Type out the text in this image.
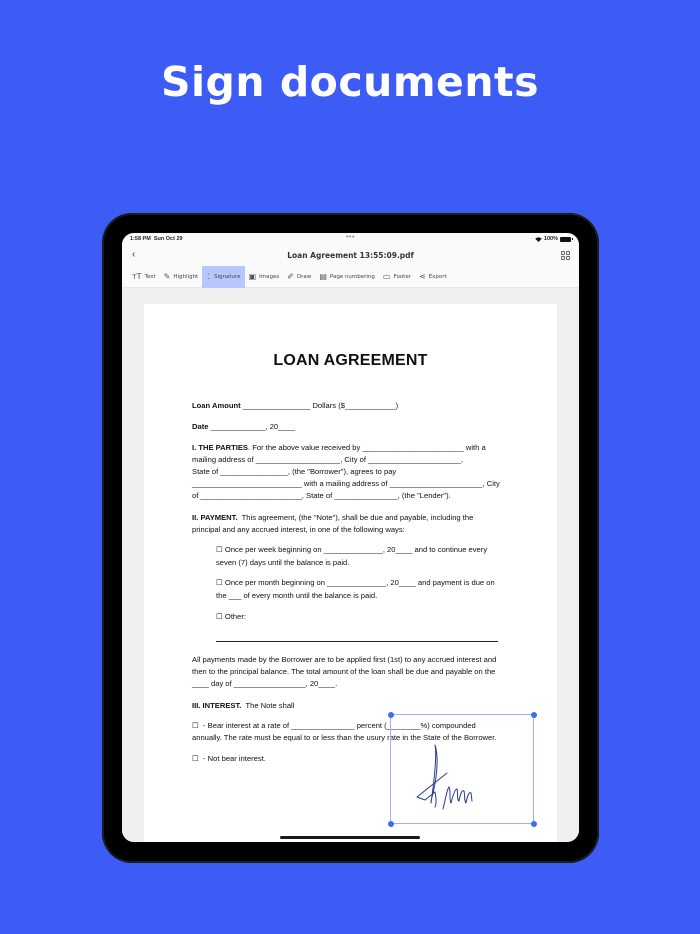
Sign documents
1:58 PM Sun Oct 29	•••	100%
‹	Loan Agreement 13:55:09.pdf
ᴛT Text ✎ Highlight ⍘ Signature ▣ Images ✐ Draw ▤ Page numbering ▭ Footer ⋖ Export
LOAN AGREEMENT
Loan Amount ________________ Dollars ($____________)
Date _____________, 20____
I. THE PARTIES. For the above value received by ________________________ with a
mailing address of ____________________, City of ______________________,
State of ________________, (the "Borrower"), agrees to pay
__________________________ with a mailing address of ______________________, City
of ________________________, State of _______________, (the "Lender").
II. PAYMENT.  This agreement, (the "Note"), shall be due and payable, including the
principal and any accrued interest, in one of the following ways:
☐ Once per week beginning on ______________, 20____ and to continue every
seven (7) days until the balance is paid.
☐ Once per month beginning on ______________, 20____ and payment is due on
the ___ of every month until the balance is paid.
☐ Other:
All payments made by the Borrower are to be applied first (1st) to any accrued interest and
then to the principal balance. The total amount of the loan shall be due and payable on the
____ day of _________________, 20____.
III. INTEREST.  The Note shall
☐  - Bear interest at a rate of _______________ percent (________%) compounded
annually. The rate must be equal to or less than the usury rate in the State of the Borrower.
☐  - Not bear interest.
